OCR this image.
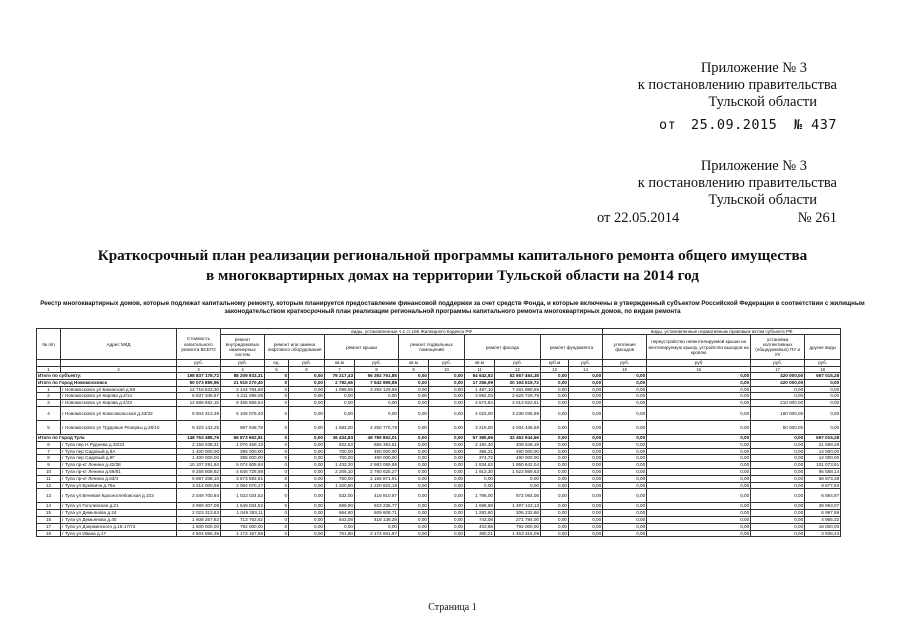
Приложение № 3
к постановлению правительства
Тульской области
от 25.09.2015 № 437
Приложение № 3
к постановлению правительства
Тульской области
от 22.05.2014	№ 261
Краткосрочный план реализации региональной программы капитального ремонта общего имущества
в многоквартирных домах на территории Тульской области на 2014 год
Реестр многоквартирных домов, которые подлежат капитальному ремонту, которым планируется предоставление финансовой поддержки за счет средств Фонда, и которые включены в утвержденный субъектом Российской Федерации в соответствии с жилищным законодательством краткосрочный план реализации региональной программы капитального ремонта многоквартирных домов, по видам ремонта
№ п/п	Адрес МКД	Стоимость капитального ремонта ВСЕГО	виды, установленные ч.1 ст.166 Жилищного Кодекса РФ											виды, установленные нормативным правовым актом субъекта РФ			
			ремонт внутридомовых инженерных систем	ремонт или замена лифтового оборудования		ремонт крыши		ремонт подвальных помещений		ремонт фасада		ремонт фундамента		утепление фасадов	переустройство невентилируемой крыши на вентилируемую крышу, устройство выходов на кровлю	установка коллективных (общедомовых) ПУ и УУ	другие виды
		руб.	руб.	ед.	руб.	кв.м	руб.	кв.м	руб.	кв.м	руб.	куб.м	руб.	руб.	руб	руб.	руб.
1	2	3	4	5	6	7	8	9	10	11	12	13	14	15	16	17	18
Итого по субъекту:		198 837 178,72	88 209 933,31	0	0,00	79 217,43	56 392 761,85	0,00	0,00	84 642,62	52 657 464,38	0,00	0,00	0,00	0,00	420 000,00	667 015,28
Итого по Город Новомосковск		50 073 889,96	21 916 270,40	0	0,00	2 782,66	7 542 899,86	0,00	0,00	17 256,99	20 194 519,72	0,00	0,00	0,00	0,00	420 000,00	0,00
1	г Новомосковск ул Бакинская д.58	12 718 823,30	2 144 784,60	0	0,00	1 099,66	3 292 129,55	0,00	0,00	1 487,10	7 281 889,65	0,00	0,00	0,00	0,00	0,00	0,00
2	г Новомосковск ул Кирова д.2/14	6 837 348,87	4 211 089,08	0	0,00	0,00	0,00	0,00	0,00	3 992,03	2 625 729,79	0,00	0,00	0,00	0,00	0,00	0,00
3	г Новомосковск ул Кирова д.4/23	12 689 682,15	9 465 859,54	0	0,00	0,00	0,00	0,00	0,00	4 573,84	3 013 822,61	0,00	0,00	0,00	0,00	210 000,00	0,00
4	г Новомосковск ул Комсомольская д.33/32	8 504 313,39	5 106 076,40	0	0,00	0,00	0,00	0,00	0,00	4 022,00	3 238 036,99	0,00	0,00	0,00	0,00	160 000,00	0,00
5	г Новомосковск ул Трудовые Резервы д.28/10	9 323 143,25	987 948,78	0	0,00	1 683,00	4 250 770,79	0,00	0,00	3 219,00	4 034 436,68	0,00	0,00	0,00	0,00	50 000,00	0,00
Итого по Город Тула		148 763 488,76	66 873 662,81	0	0,00	36 434,83	48 789 862,01	0,00	0,00	67 385,66	32 462 944,66	0,00	0,00	0,00	0,00	0,00	667 015,28
6	г Тула пер Н.Руднева д.33/23	2 158 538,31	1 076 459,13	0	0,00	822,53	658 383,61	0,00	0,00	2 192,40	408 648,19	0,00	0,00	0,00	0,00	0,00	21 588,28
7	г Тула пер Садовый д.9А	1 400 000,00	396 000,00	0	0,00	700,00	490 000,00	0,00	0,00	396,31	490 000,00	0,00	0,00	0,00	0,00	0,00	14 000,00
8	г Тула пер Садовый д.9Г	1 400 000,00	396 000,00	0	0,00	700,00	490 000,00	0,00	0,00	374,72	490 000,00	0,00	0,00	0,00	0,00	0,00	14 000,00
9	г Тула пр-кт Ленина д.42/38	10 107 291,84	5 074 605,94	0	0,00	1 433,20	2 983 069,95	0,00	0,00	1 834,63	1 950 642,04	0,00	0,00	0,00	0,00	0,00	101 073,91
10	г Тула пр-кт Ленина д.59/81	9 258 809,92	4 846 726,98	0	0,00	2 206,10	2 790 625,27	0,00	0,00	1 913,30	1 523 869,53	0,00	0,00	0,00	0,00	0,00	95 588,14
11	г Тула пр-кт Ленина д.63/4	5 887 338,10	3 673 592,81	0	0,00	750,00	2 156 871,91	0,00	0,00	0,00	0,00	0,00	0,00	0,00	0,00	0,00	58 873,38
12	г Тула ул Букевича д.79а	3 314 000,68	2 084 070,27	0	0,00	1 320,80	1 220 823,18	0,00	0,00	0,00	0,00	0,00	0,00	0,00	0,00	0,00	9 877,53
13	г Тула ул Веневая Красноглебовская д.103	2 049 700,84	1 023 034,52	0	0,00	532,00	416 910,87	0,00	0,00	1 798,00	972 064,08	0,00	0,00	0,00	0,00	0,00	6 894,97
14	г Тула ул Гоголевская д.21	3 999 307,09	1 549 034,52	0	0,00	899,90	923 235,77	0,00	0,00	1 688,88	1 497 123,13	0,00	0,00	0,00	0,00	0,00	39 993,07
15	г Тула ул Демьянова д.24	2 023 313,63	1 049 393,11	0	0,00	664,60	609 608,71	0,00	0,00	1 283,80	306 232,86	0,00	0,00	0,00	0,00	0,00	6 997,99
16	г Тула ул Демьянова д.40	1 608 267,82	713 763,62	0	0,00	643,08	418 138,28	0,00	0,00	743,08	271 784,00	0,00	0,00	0,00	0,00	0,00	4 965,32
17	г Тула ул Дзержинского д.15-17/73	1 600 000,00	792 000,00	0	0,00	0,00	0,00	0,00	0,00	403,88	792 000,00	0,00	0,00	0,00	0,00	0,00	16 000,00
18	г Тула ул Ивана д.17	4 804 895,35	1 173 157,86	0	0,00	761,80	2 174 661,97	0,00	0,00	380,21	1 453 316,09	0,00	0,00	0,00	0,00	0,00	3 939,43
Страница 1
